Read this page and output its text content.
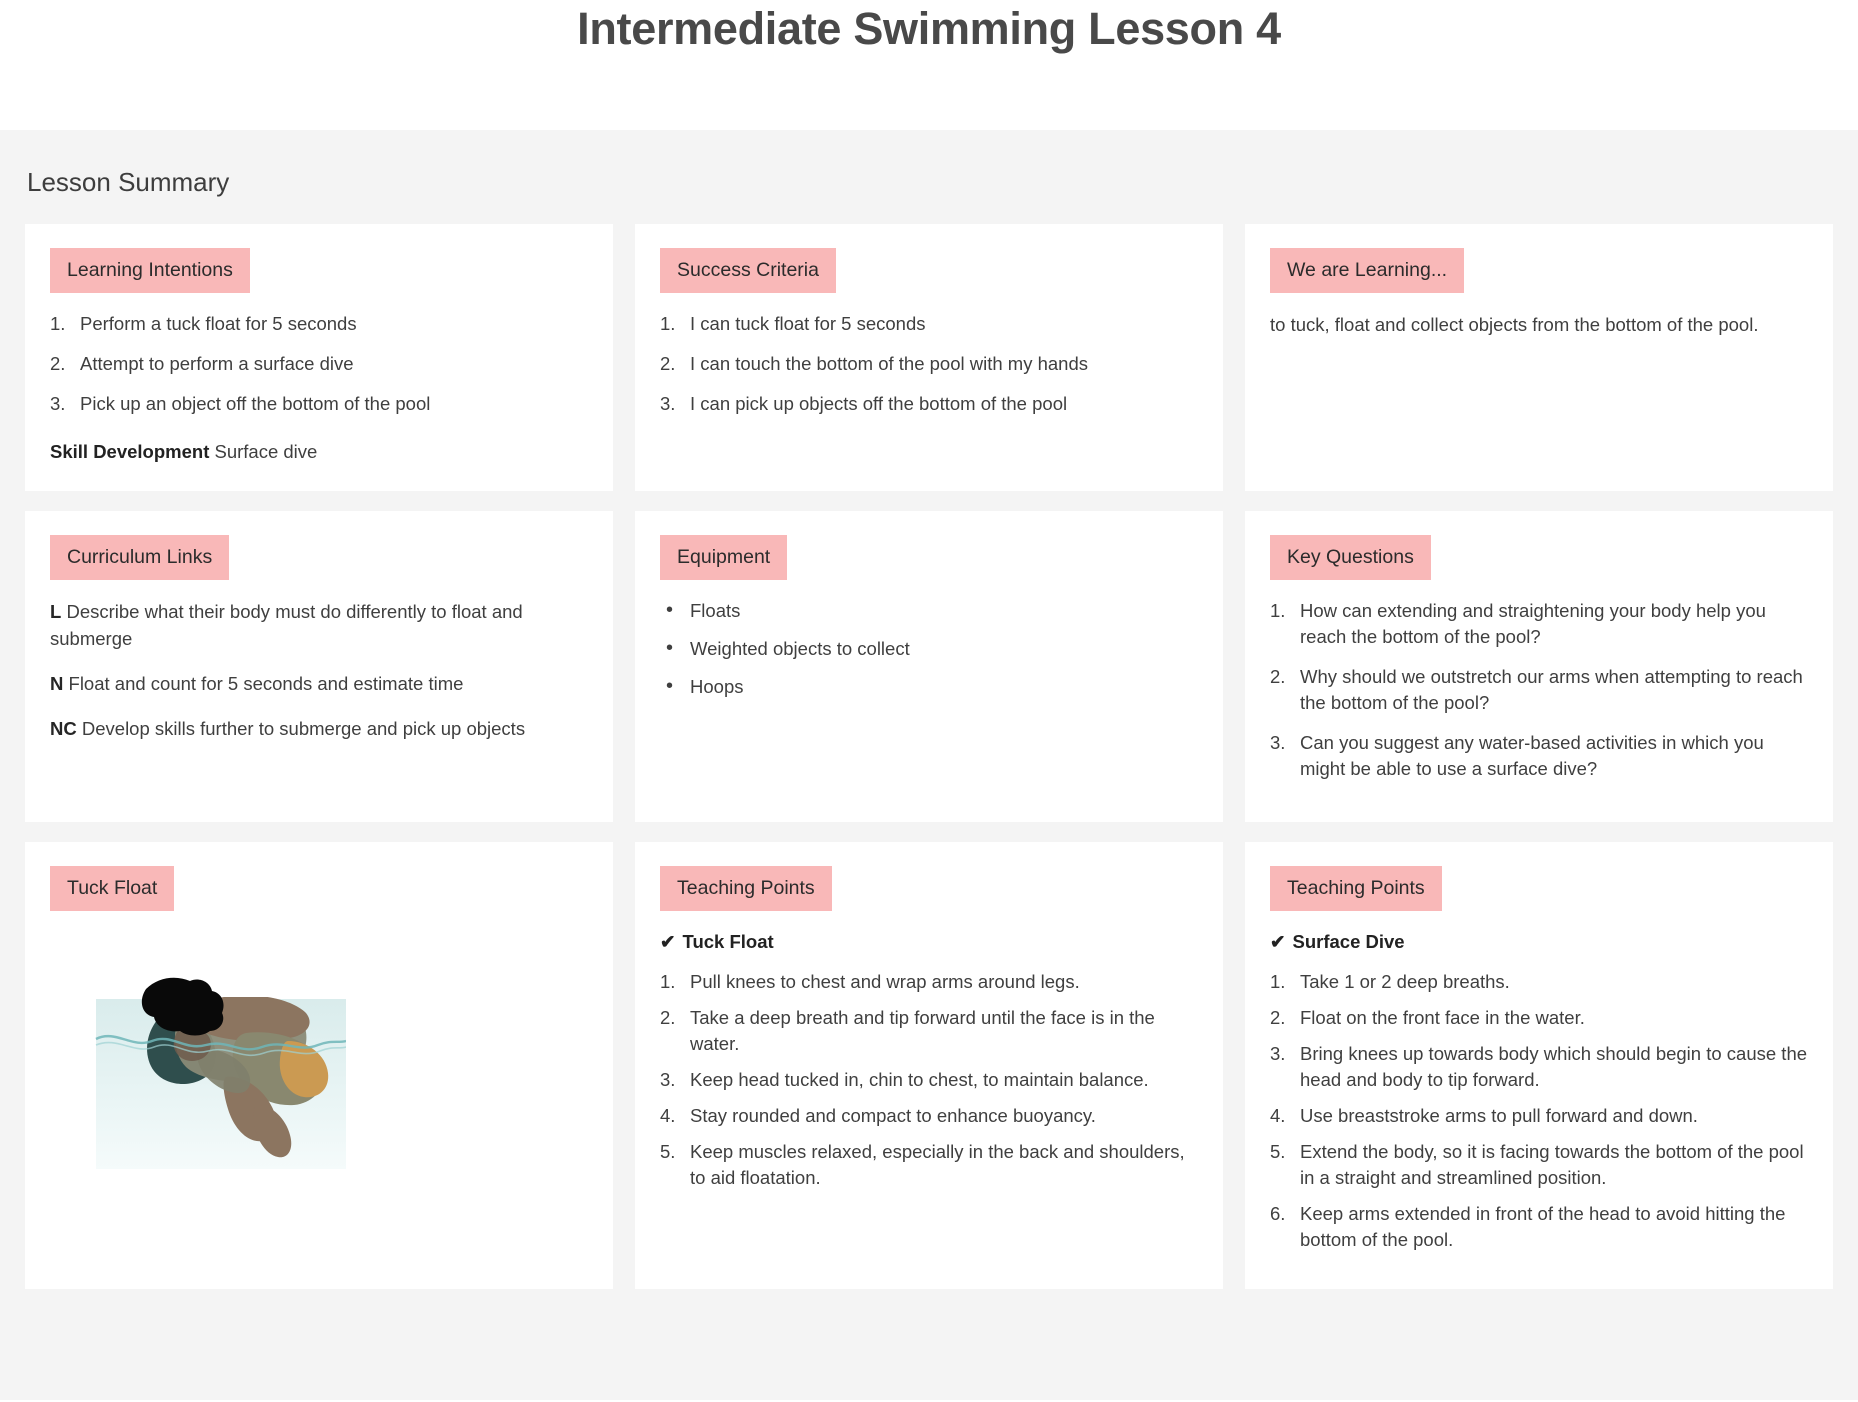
Intermediate Swimming Lesson 4
Lesson Summary
Learning Intentions
1. Perform a tuck float for 5 seconds
2. Attempt to perform a surface dive
3. Pick up an object off the bottom of the pool

Skill Development Surface dive

Success Criteria
1. I can tuck float for 5 seconds
2. I can touch the bottom of the pool with my hands
3. I can pick up objects off the bottom of the pool
We are Learning...

to tuck, float and collect objects from the bottom of the pool.

Curriculum Links

L Describe what their body must do differently to float and submerge

N Float and count for 5 seconds and estimate time

NC Develop skills further to submerge and pick up objects

Equipment
• Floats
• Weighted objects to collect
• Hoops
Key Questions
1. How can extending and straightening your body help you reach the bottom of the pool?
2. Why should we outstretch our arms when attempting to reach the bottom of the pool?
3. Can you suggest any water-based activities in which you might be able to use a surface dive?
Tuck Float	Teaching Points

✔ Tuck Float

1. Pull knees to chest and wrap arms around legs.
2. Take a deep breath and tip forward until the face is in the water.
3. Keep head tucked in, chin to chest, to maintain balance.
4. Stay rounded and compact to enhance buoyancy.
5. Keep muscles relaxed, especially in the back and shoulders, to aid floatation.
Teaching Points

✔ Surface Dive

1. Take 1 or 2 deep breaths.
2. Float on the front face in the water.
3. Bring knees up towards body which should begin to cause the head and body to tip forward.
4. Use breaststroke arms to pull forward and down.
5. Extend the body, so it is facing towards the bottom of the pool in a straight and streamlined position.
6. Keep arms extended in front of the head to avoid hitting the bottom of the pool.
